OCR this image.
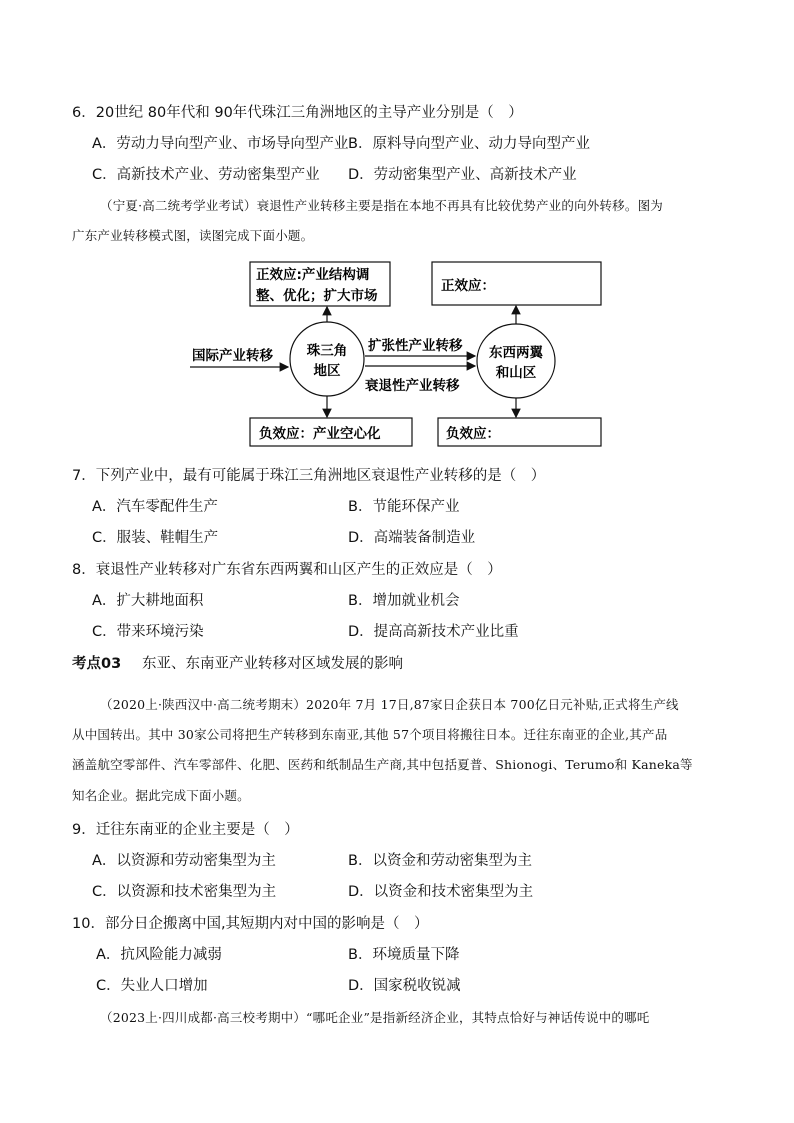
6．20世纪 80年代和 90年代珠江三角洲地区的主导产业分别是（　）
A．劳动力导向型产业、市场导向型产业 B．原料导向型产业、动力导向型产业
C．高新技术产业、劳动密集型产业 D．劳动密集型产业、高新技术产业
（宁夏·高二统考学业考试）衰退性产业转移主要是指在本地不再具有比较优势产业的向外转移。图为
广东产业转移模式图，读图完成下面小题。
正效应:产业结构调
整、优化；扩大市场
正效应：
负效应：产业空心化	负效应：
珠三角
地区
东西两翼
和山区
国际产业转移
扩张性产业转移
衰退性产业转移
7．下列产业中，最有可能属于珠江三角洲地区衰退性产业转移的是（　）
A．汽车零配件生产	B．节能环保产业
C．服装、鞋帽生产	D．高端装备制造业
8．衰退性产业转移对广东省东西两翼和山区产生的正效应是（　）
A．扩大耕地面积	B．增加就业机会
C．带来环境污染	D．提高高新技术产业比重
考点03 东亚、东南亚产业转移对区域发展的影响
（2020上·陕西汉中·高二统考期末）2020年 7月 17日,87家日企获日本 700亿日元补贴,正式将生产线
从中国转出。其中 30家公司将把生产转移到东南亚,其他 57个项目将搬往日本。迁往东南亚的企业,其产品
涵盖航空零部件、汽车零部件、化肥、医药和纸制品生产商,其中包括夏普、Shionogi、Terumo和 Kaneka等
知名企业。据此完成下面小题。
9．迁往东南亚的企业主要是（　）
A．以资源和劳动密集型为主	B．以资金和劳动密集型为主
C．以资源和技术密集型为主	D．以资金和技术密集型为主
10．部分日企搬离中国,其短期内对中国的影响是（　）
A．抗风险能力减弱	B．环境质量下降
C．失业人口增加	D．国家税收锐减
（2023上·四川成都·高三校考期中）“哪吒企业”是指新经济企业，其特点恰好与神话传说中的哪吒
